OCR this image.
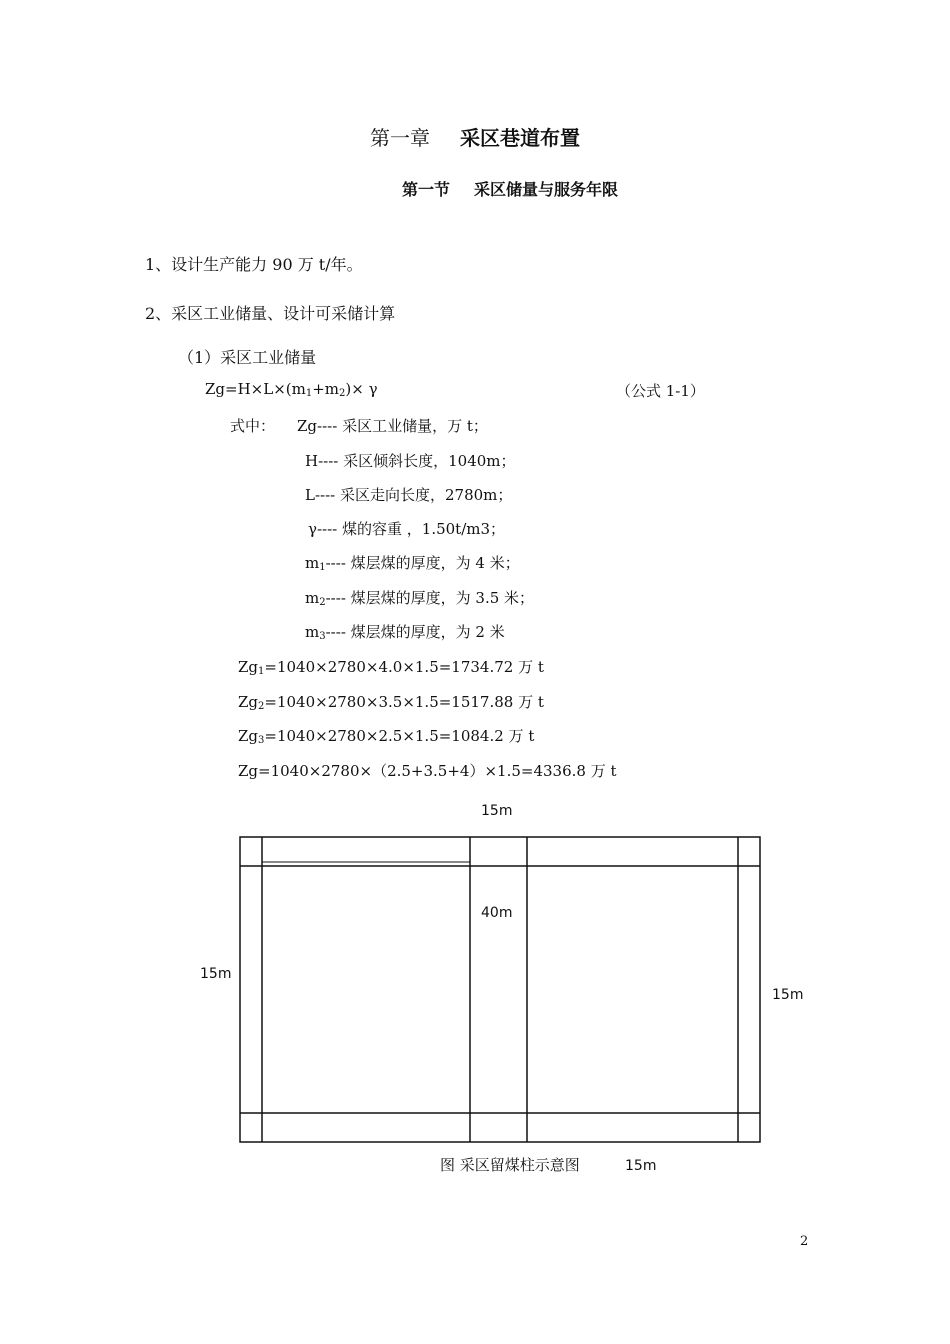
第一章 采区巷道布置
第一节 采区储量与服务年限
1、设计生产能力 90 万 t/年。
2、采区工业储量、设计可采储计算
（1）采区工业储量
$Zg=H\times L\times(m_1+m_2)\times \gamma$	（公式 1-1）
式中： Zg---- 采区工业储量，万 t；
H---- 采区倾斜长度，1040m；
L---- 采区走向长度，2780m；
γ---- 煤的容重 ，1.50t/m3；
$m_1----$ 煤层煤的厚度，为 4 米；
$m_2----$ 煤层煤的厚度，为 3.5 米；
$m_3----$ 煤层煤的厚度，为 2 米
$Zg_1=1040\times 2780\times 4.0\times 1.5=1734.72$ 万 t
$Zg_2=1040\times 2780\times 3.5\times 1.5=1517.88$ 万 t
$Zg_3=1040\times 2780\times 2.5\times 1.5=1084.2$ 万 t
Zg=1040×2780×（2.5+3.5+4）×1.5=4336.8 万 t
15m
40m
15m
15m
15m
图 采区留煤柱示意图
2
